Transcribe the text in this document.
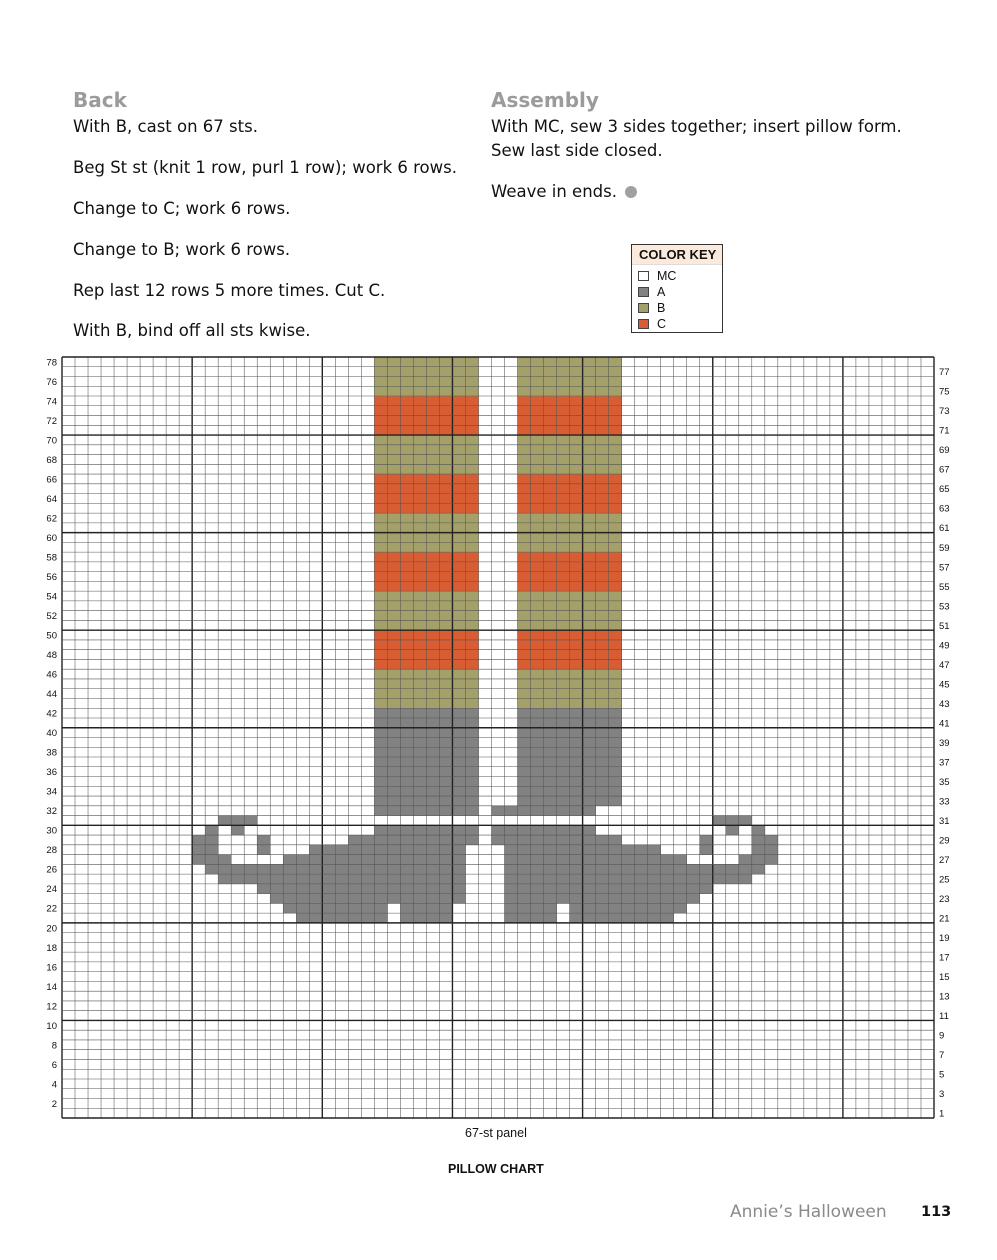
Back

With B, cast on 67 sts.

Beg St st (knit 1 row, purl 1 row); work 6 rows.

Change to C; work 6 rows.

Change to B; work 6 rows.

Rep last 12 rows 5 more times. Cut C.

With B, bind off all sts kwise.

Assembly

With MC, sew 3 sides together; insert pillow form.

Sew last side closed.

Weave in ends.

COLOR KEY
MC
A
B
C
2
4
6
8
10
12
14
16
18
20
22
24
26
28
30
32
34
36
38
40
42
44
46
48
50
52
54
56
58
60
62
64
66
68
70
72
74
76
78
1
3
5
7
9
11
13
15
17
19
21
23
25
27
29
31
33
35
37
39
41
43
45
47
49
51
53
55
57
59
61
63
65
67
69
71
73
75
77
67-st panel
PILLOW CHART
Annie’s Halloween 113
